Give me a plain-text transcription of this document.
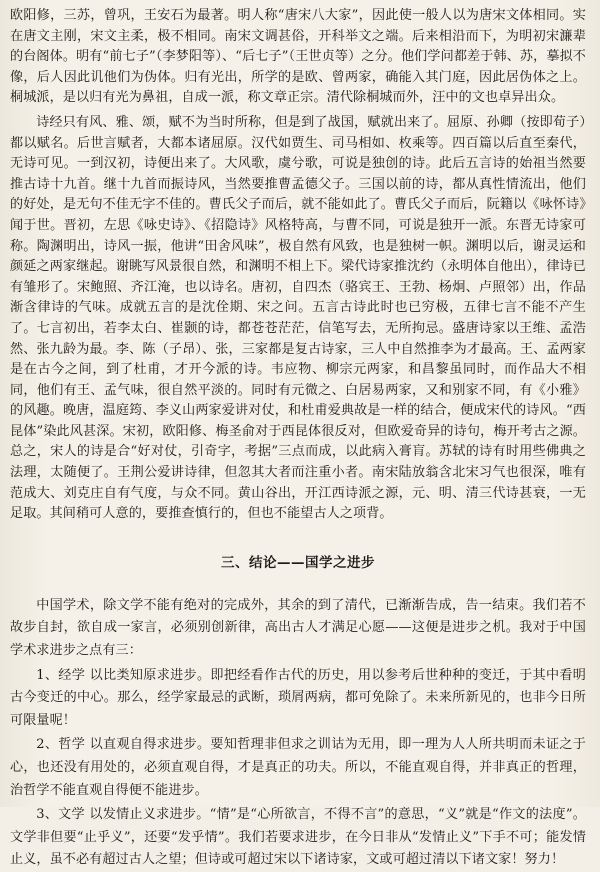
欧阳修，三苏，曾巩，王安石为最著。明人称“唐宋八大家”，因此使一般人以为唐宋文体相同。实在唐文主刚，宋文主柔，极不相同。南宋文调甚俗，开科举文之端。后来相沿而下，为明初宋濂辈的台阁体。明有“前七子”（李梦阳等）、“后七子”（王世贞等）之分。他们学问都差于韩、苏，摹拟不像，后人因此讥他们为伪体。归有光出，所学的是欧、曾两家，确能入其门庭，因此居伪体之上。桐城派，是以归有光为鼻祖，自成一派，称文章正宗。清代除桐城而外，汪中的文也卓异出众。

诗经只有风、雅、颂，赋不为当时所称，但是到了战国，赋就出来了。屈原、孙卿（按即荀子）都以赋名。后世言赋者，大都本诸屈原。汉代如贾生、司马相如、枚乘等。四百篇以后直至秦代，无诗可见。一到汉初，诗便出来了。大风歌，虞兮歌，可说是独创的诗。此后五言诗的始祖当然要推古诗十九首。继十九首而振诗风，当然要推曹孟德父子。三国以前的诗，都从真性情流出，他们的好处，是无句不佳无字不佳的。曹氏父子而后，就不能如此了。曹氏父子而后，阮籍以《咏怀诗》闻于世。晋初，左思《咏史诗》、《招隐诗》风格特高，与曹不同，可说是独开一派。东晋无诗家可称。陶渊明出，诗风一振，他讲“田舍风味”，极自然有风致，也是独树一帜。渊明以后，谢灵运和颜延之两家继起。谢眺写风景很自然，和渊明不相上下。梁代诗家推沈约（永明体自他出），律诗已有雏形了。宋鲍照、齐江淹，也以诗名。唐初，自四杰（骆宾王、王勃、杨炯、卢照邻）出，作品渐含律诗的气味。成就五言的是沈佺期、宋之问。五言古诗此时也已穷极，五律七言不能不产生了。七言初出，若李太白、崔颢的诗，都苍苍茫茫，信笔写去，无所拘忌。盛唐诗家以王维、孟浩然、张九龄为最。李、陈（子昂）、张，三家都是复古诗家，三人中自然推李为才最高。王、孟两家是在古今之间，到了杜甫，才开今派的诗。韦应物、柳宗元两家，和昌黎虽同时，而作品大不相同，他们有王、孟气味，很自然平淡的。同时有元微之、白居易两家，又和别家不同，有《小雅》的风趣。晚唐，温庭筠、李义山两家爱讲对仗，和杜甫爱典故是一样的结合，便成宋代的诗风。“西昆体”染此风甚深。宋初，欧阳修、梅圣俞对于西昆体很反对，但欧爱奇异的诗句，梅开考古之源。总之，宋人的诗是合“好对仗，引奇字，考据”三点而成，以此病入膏肓。苏轼的诗有时用些佛典之法理，太随便了。王荆公爱讲诗律，但忽其大者而注重小者。南宋陆放翁含北宋习气也很深，唯有范成大、刘克庄自有气度，与众不同。黄山谷出，开江西诗派之源，元、明、清三代诗甚衰，一无足取。其间稍可人意的，要推查慎行的，但也不能望古人之项背。

三、结论——国学之进步

中国学术，除文学不能有绝对的完成外，其余的到了清代，已渐渐告成，告一结束。我们若不故步自封，欲自成一家言，必须别创新律，高出古人才满足心愿——这便是进步之机。我对于中国学术求进步之点有三：

1、经学 以比类知原求进步。即把经看作古代的历史，用以参考后世种种的变迁，于其中看明古今变迁的中心。那么，经学家最忌的武断，琐屑两病，都可免除了。未来所新见的，也非今日所可限量呢！

2、哲学 以直观自得求进步。要知哲理非但求之训诂为无用，即一理为人人所共明而未证之于心，也还没有用处的，必须直观自得，才是真正的功夫。所以，不能直观自得，并非真正的哲理，治哲学不能直观自得便不能进步。

3、文学 以发情止义求进步。“情”是“心所欲言，不得不言”的意思，“义”就是“作文的法度”。文学非但要“止乎义”，还要“发乎情”。我们若要求进步，在今日非从“发情止义”下手不可；能发情止义，虽不必有超过古人之望；但诗或可超过宋以下诸诗家，文或可超过清以下诸文家！努力！
